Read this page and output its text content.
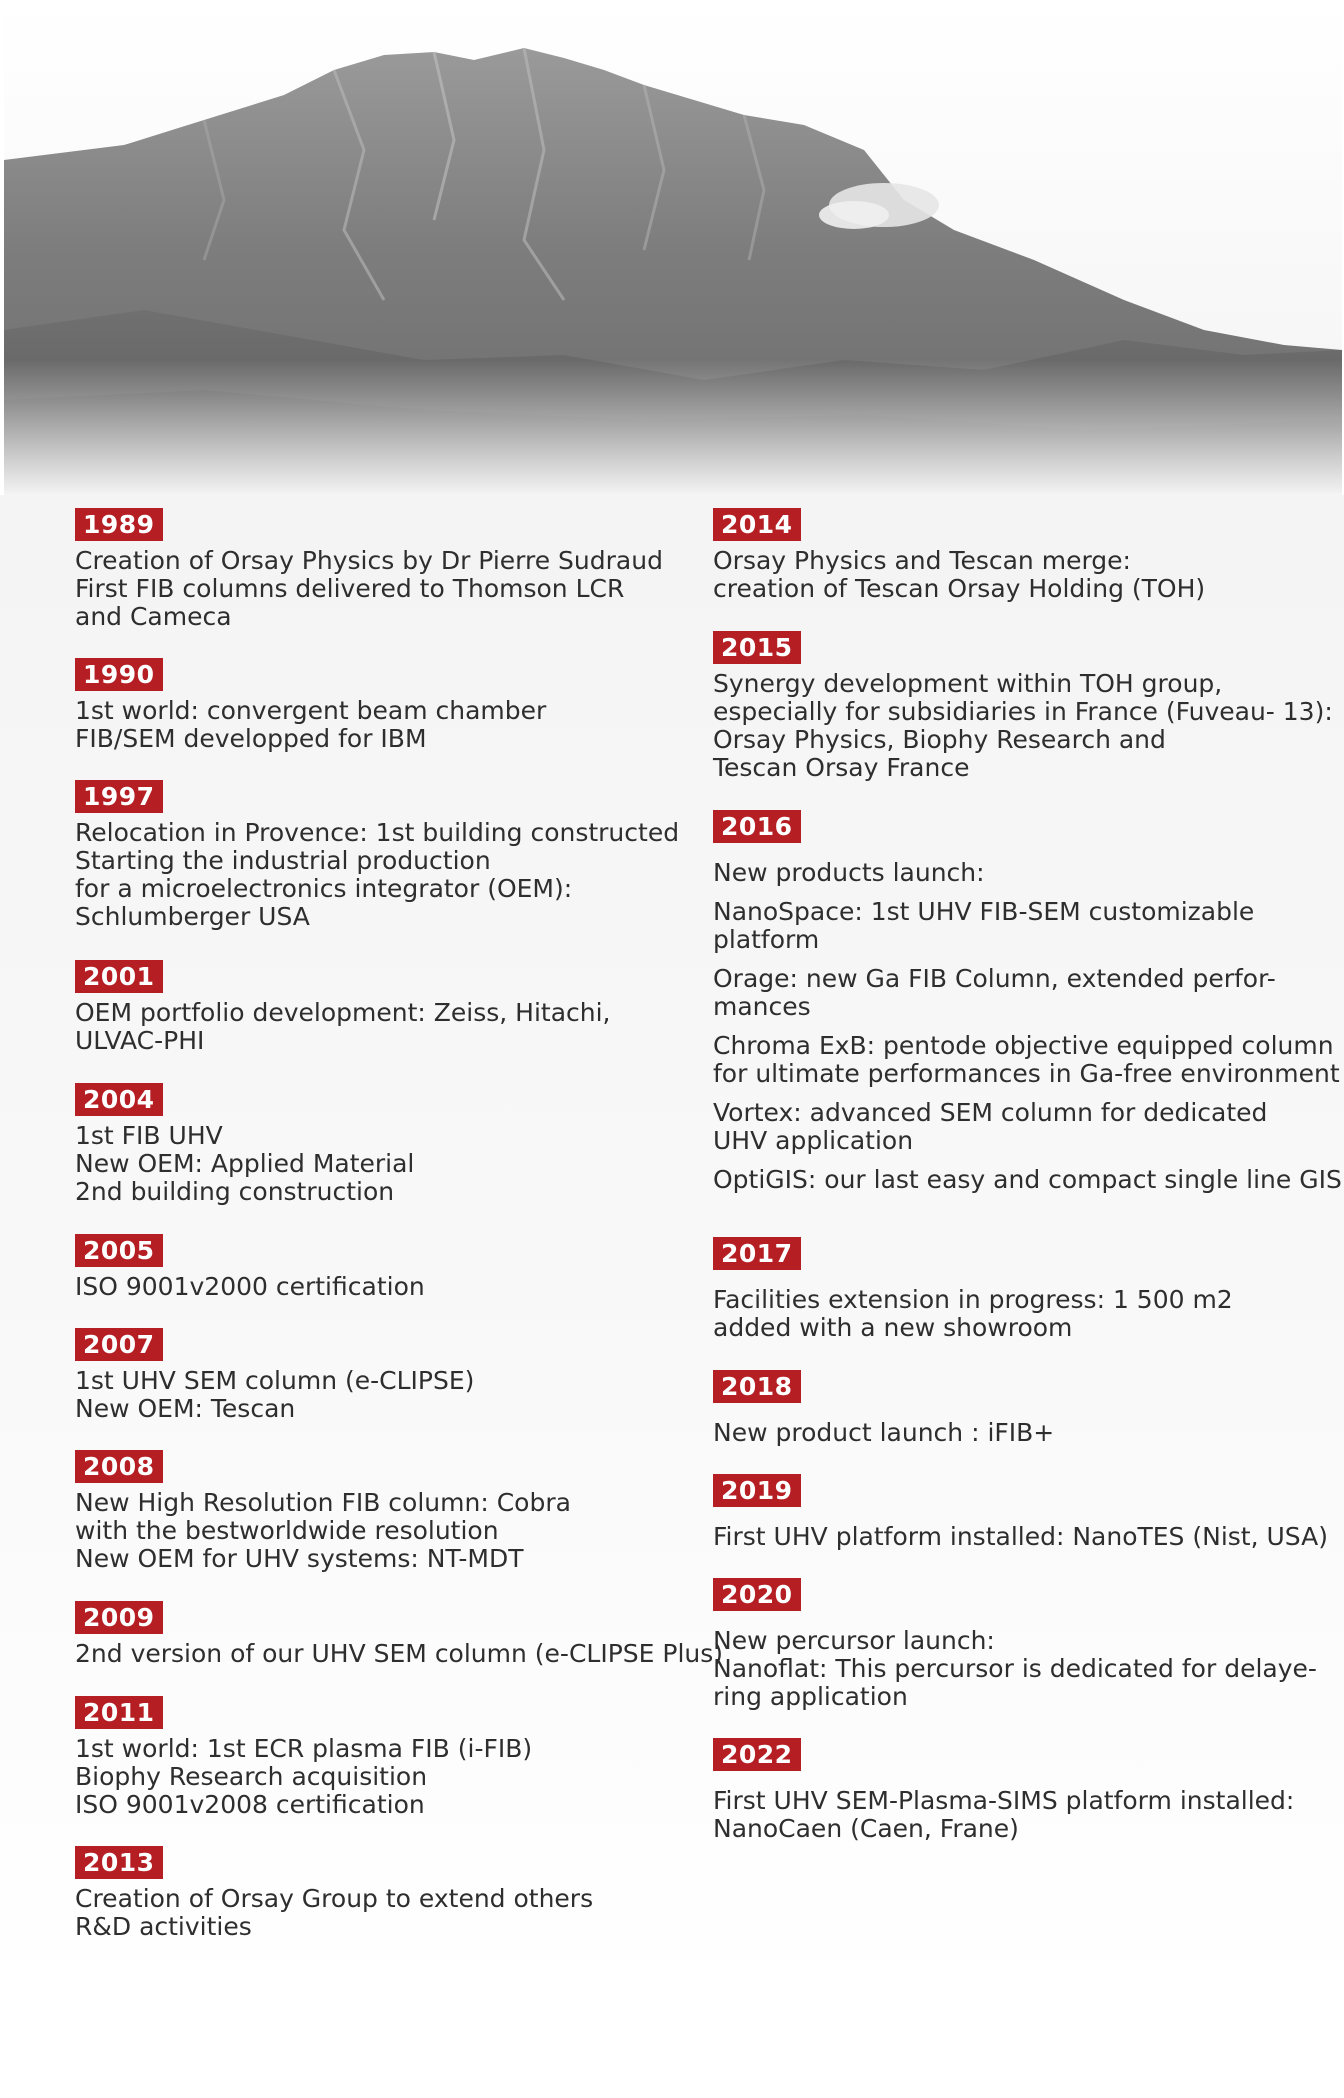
1989
Creation of Orsay Physics by Dr Pierre Sudraud
First FIB columns delivered to Thomson LCR
and Cameca
1990
1st world: convergent beam chamber
FIB/SEM developped for IBM
1997
Relocation in Provence: 1st building constructed
Starting the industrial production
for a microelectronics integrator (OEM):
Schlumberger USA
2001
OEM portfolio development: Zeiss, Hitachi,
ULVAC-PHI
2004
1st FIB UHV
New OEM: Applied Material
2nd building construction
2005
ISO 9001v2000 certification
2007
1st UHV SEM column (e-CLIPSE)
New OEM: Tescan
2008
New High Resolution FIB column: Cobra
with the bestworldwide resolution
New OEM for UHV systems: NT-MDT
2009
2nd version of our UHV SEM column (e-CLIPSE Plus)
2011
1st world: 1st ECR plasma FIB (i-FIB)
Biophy Research acquisition
ISO 9001v2008 certification
2013
Creation of Orsay Group to extend others
R&D activities
2014
Orsay Physics and Tescan merge:
creation of Tescan Orsay Holding (TOH)
2015
Synergy development within TOH group,
especially for subsidiaries in France (Fuveau- 13):
Orsay Physics, Biophy Research and
Tescan Orsay France
2016
New products launch:
NanoSpace: 1st UHV FIB-SEM customizable
platform
Orage: new Ga FIB Column, extended perfor-
mances
Chroma ExB: pentode objective equipped column
for ultimate performances in Ga-free environment
Vortex: advanced SEM column for dedicated
UHV application
OptiGIS: our last easy and compact single line GIS
2017
Facilities extension in progress: 1 500 m2
added with a new showroom
2018
New product launch : iFIB+
2019
First UHV platform installed: NanoTES (Nist, USA)
2020
New percursor launch:
Nanoflat: This percursor is dedicated for delaye-
ring application
2022
First UHV SEM-Plasma-SIMS platform installed:
NanoCaen (Caen, Frane)
